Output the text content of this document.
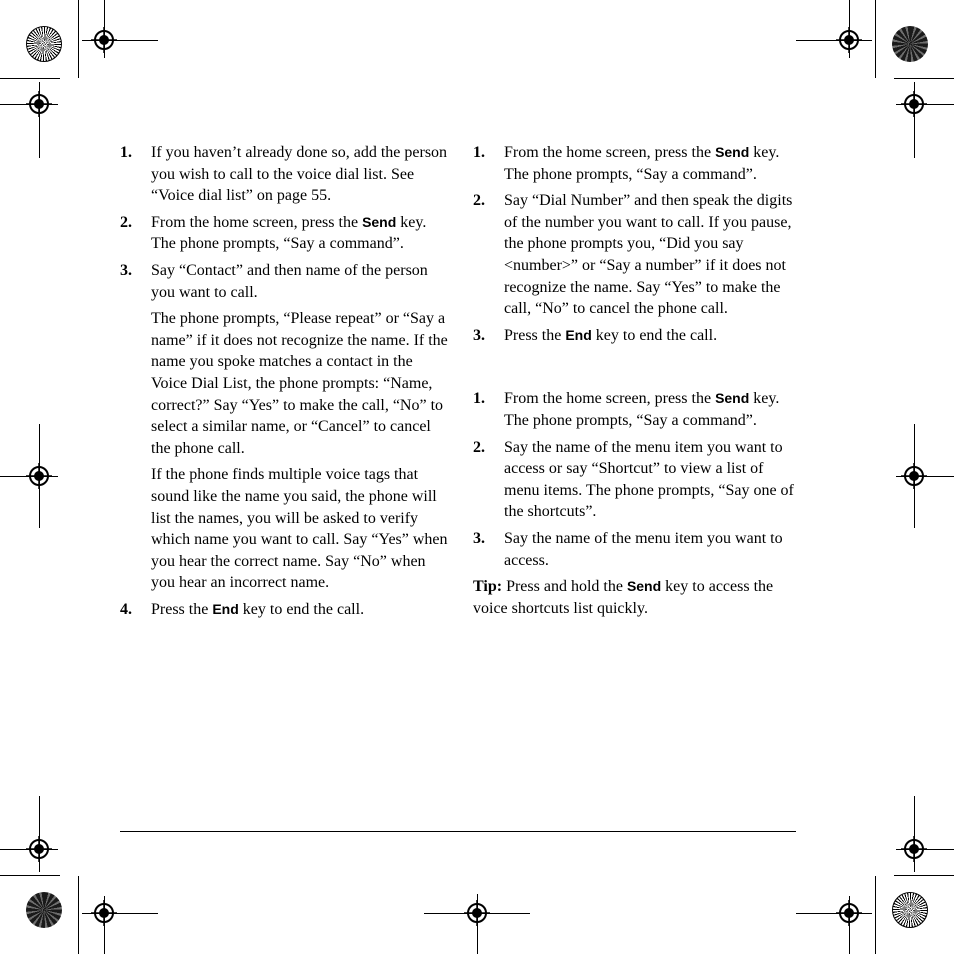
1. If you haven’t already done so, add the person you wish to call to the voice dial list. See “Voice dial list” on page 55.

2. From the home screen, press the Send key. The phone prompts, “Say a command”.

3. Say “Contact” and then name of the person you want to call.

The phone prompts, “Please repeat” or “Say a name” if it does not recognize the name. If the name you spoke matches a contact in the Voice Dial List, the phone prompts: “Name, correct?” Say “Yes” to make the call, “No” to select a similar name, or “Cancel” to cancel the phone call.

If the phone finds multiple voice tags that sound like the name you said, the phone will list the names, you will be asked to verify which name you want to call. Say “Yes” when you hear the correct name. Say “No” when you hear an incorrect name.

4. Press the End key to end the call.

1. From the home screen, press the Send key. The phone prompts, “Say a command”.

2. Say “Dial Number” and then speak the digits of the number you want to call. If you pause, the phone prompts you, “Did you say <number>” or “Say a number” if it does not recognize the name. Say “Yes” to make the call, “No” to cancel the phone call.

3. Press the End key to end the call.

1. From the home screen, press the Send key. The phone prompts, “Say a command”.

2. Say the name of the menu item you want to access or say “Shortcut” to view a list of menu items. The phone prompts, “Say one of the shortcuts”.

3. Say the name of the menu item you want to access.

Tip: Press and hold the Send key to access the voice shortcuts list quickly.
